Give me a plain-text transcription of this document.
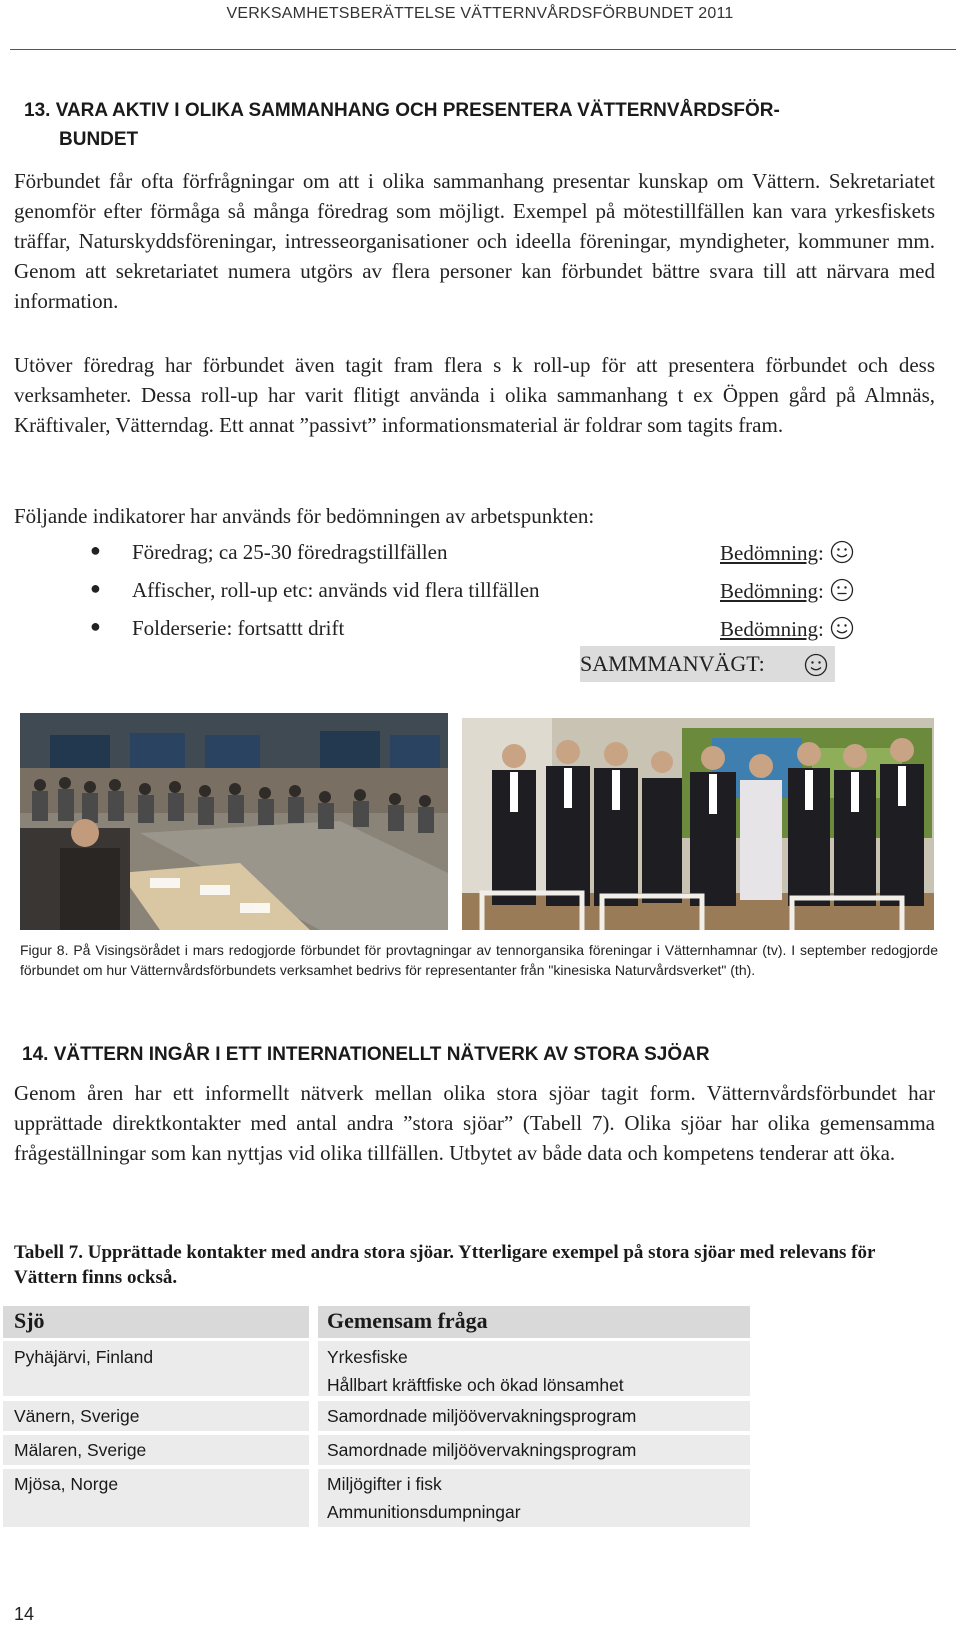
VERKSAMHETSBERÄTTELSE VÄTTERNVÅRDSFÖRBUNDET 2011
13. VARA AKTIV I OLIKA SAMMANHANG OCH PRESENTERA VÄTTERNVÅRDSFÖR-
BUNDET
Förbundet får ofta förfrågningar om att i olika sammanhang presentar kunskap om Vättern. Sekretariatet genomför efter förmåga så många föredrag som möjligt. Exempel på mötestillfällen kan vara yrkesfiskets träffar, Naturskyddsföreningar, intresseorganisationer och ideella föreningar, myndigheter, kommuner mm. Genom att sekretariatet numera utgörs av flera personer kan förbundet bättre svara till att närvara med information.
Utöver föredrag har förbundet även tagit fram flera s k roll-up för att presentera förbundet och dess verksamheter. Dessa roll-up har varit flitigt använda i olika sammanhang t ex Öppen gård på Almnäs, Kräftivaler, Vätterndag. Ett annat ”passivt” informationsmaterial är foldrar som tagits fram.
Följande indikatorer har används för bedömningen av arbetspunkten:
● Föredrag; ca 25-30 föredragstillfällen	Bedömning:
● Affischer, roll-up etc: används vid flera tillfällen	Bedömning:
● Folderserie: fortsattt drift	Bedömning:
SAMMMANVÄGT:
Figur 8. På Visingsörådet i mars redogjorde förbundet för provtagningar av tennorgansika föreningar i Vätternhamnar (tv). I september redogjorde förbundet om hur Vätternvårdsförbundets verksamhet bedrivs för representanter från "kinesiska Naturvårdsverket" (th).
14. VÄTTERN INGÅR I ETT INTERNATIONELLT NÄTVERK AV STORA SJÖAR
Genom åren har ett informellt nätverk mellan olika stora sjöar tagit form. Vätternvårdsförbundet har upprättade direktkontakter med antal andra ”stora sjöar” (Tabell 7). Olika sjöar har olika gemensamma frågeställningar som kan nyttjas vid olika tillfällen. Utbytet av både data och kompetens tenderar att öka.
Tabell 7. Upprättade kontakter med andra stora sjöar. Ytterligare exempel på stora sjöar med relevans för Vättern finns också.
Sjö	Gemensam fråga
Pyhäjärvi, Finland	Yrkesfiske
Hållbart kräftfiske och ökad lönsamhet
Vänern, Sverige	Samordnade miljöövervakningsprogram
Mälaren, Sverige	Samordnade miljöövervakningsprogram
Mjösa, Norge	Miljögifter i fisk
Ammunitionsdumpningar
14
